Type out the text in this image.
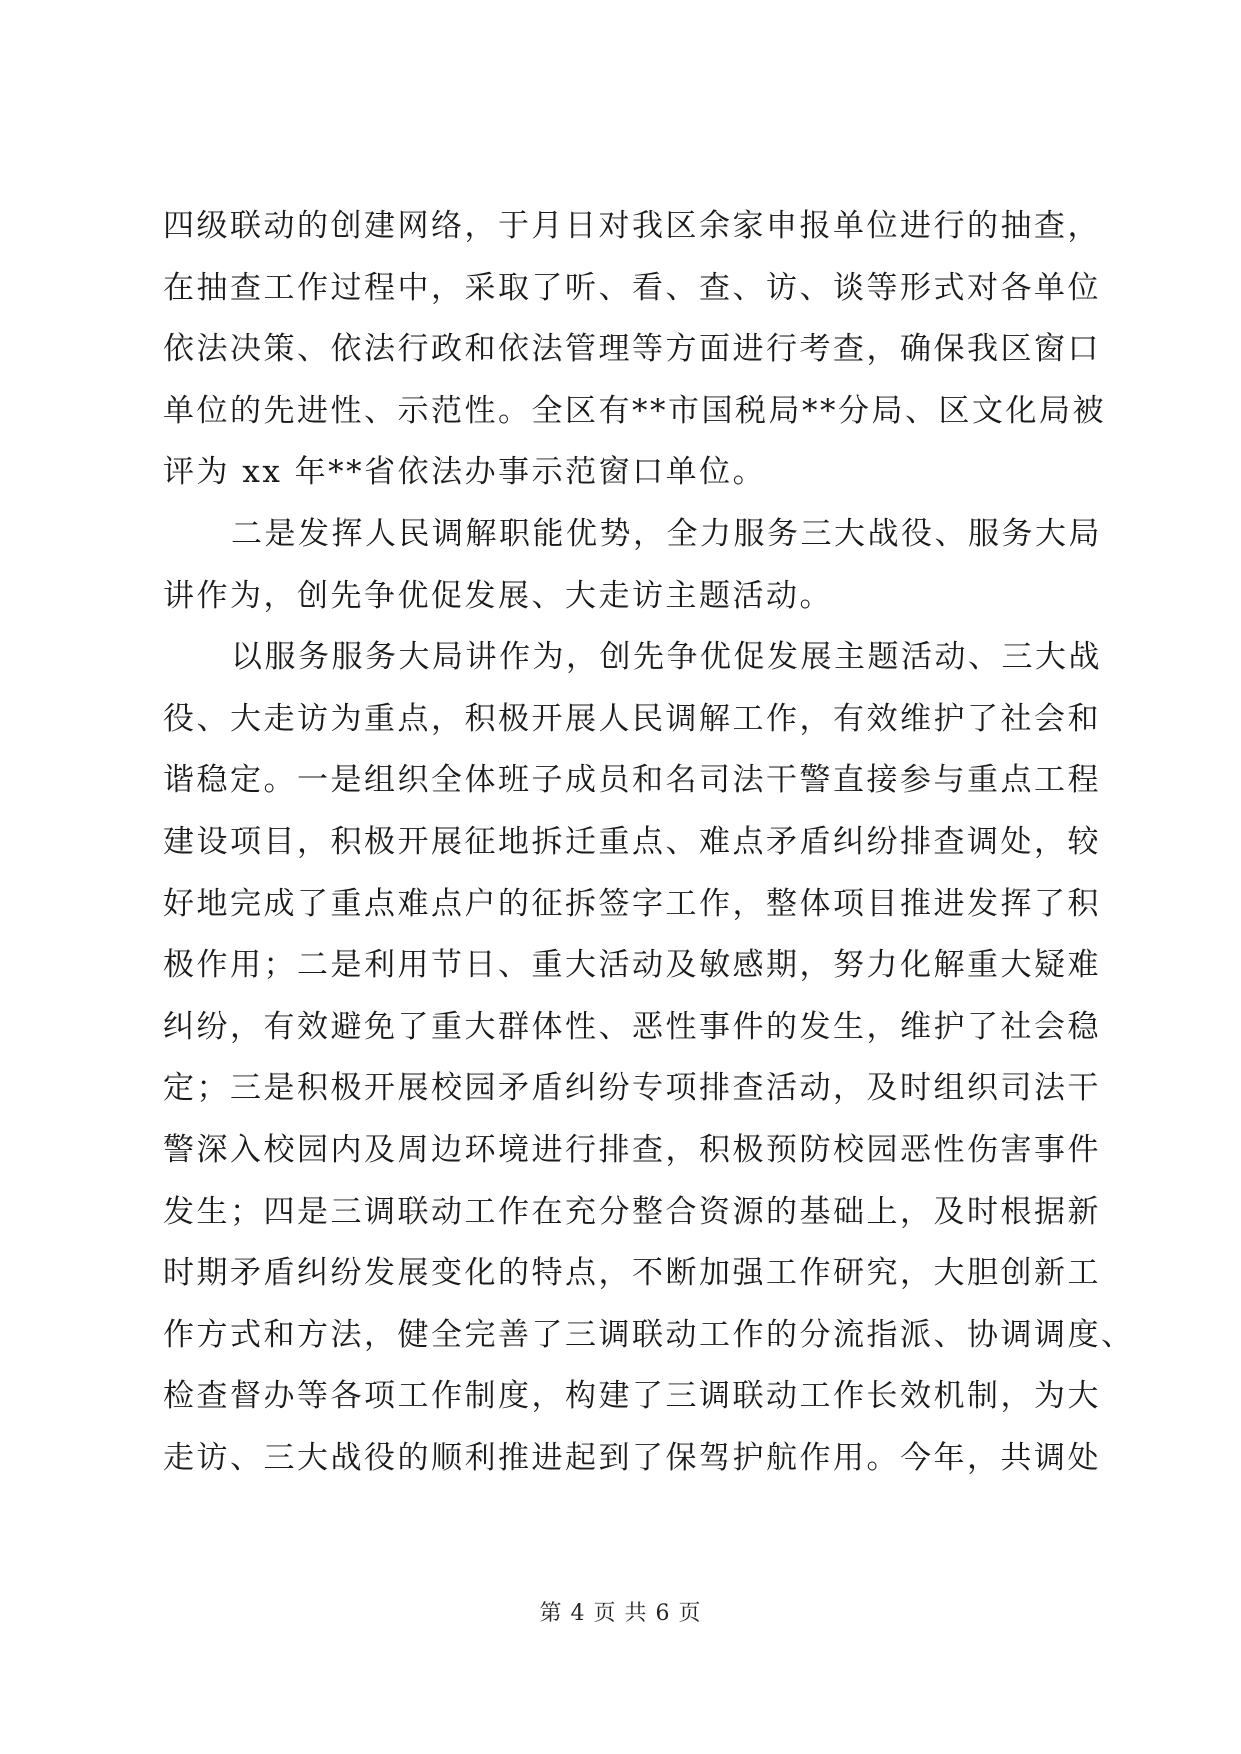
四级联动的创建网络，于月日对我区余家申报单位进行的抽查，
在抽查工作过程中，采取了听、看、查、访、谈等形式对各单位
依法决策、依法行政和依法管理等方面进行考查，确保我区窗口
单位的先进性、示范性。全区有**市国税局**分局、区文化局被
评为 xx 年**省依法办事示范窗口单位。
二是发挥人民调解职能优势，全力服务三大战役、服务大局
讲作为，创先争优促发展、大走访主题活动。
以服务服务大局讲作为，创先争优促发展主题活动、三大战
役、大走访为重点，积极开展人民调解工作，有效维护了社会和
谐稳定。一是组织全体班子成员和名司法干警直接参与重点工程
建设项目，积极开展征地拆迁重点、难点矛盾纠纷排查调处，较
好地完成了重点难点户的征拆签字工作，整体项目推进发挥了积
极作用；二是利用节日、重大活动及敏感期，努力化解重大疑难
纠纷，有效避免了重大群体性、恶性事件的发生，维护了社会稳
定；三是积极开展校园矛盾纠纷专项排查活动，及时组织司法干
警深入校园内及周边环境进行排查，积极预防校园恶性伤害事件
发生；四是三调联动工作在充分整合资源的基础上，及时根据新
时期矛盾纠纷发展变化的特点，不断加强工作研究，大胆创新工
作方式和方法，健全完善了三调联动工作的分流指派、协调调度、
检查督办等各项工作制度，构建了三调联动工作长效机制，为大
走访、三大战役的顺利推进起到了保驾护航作用。今年，共调处
第 4 页 共 6 页
